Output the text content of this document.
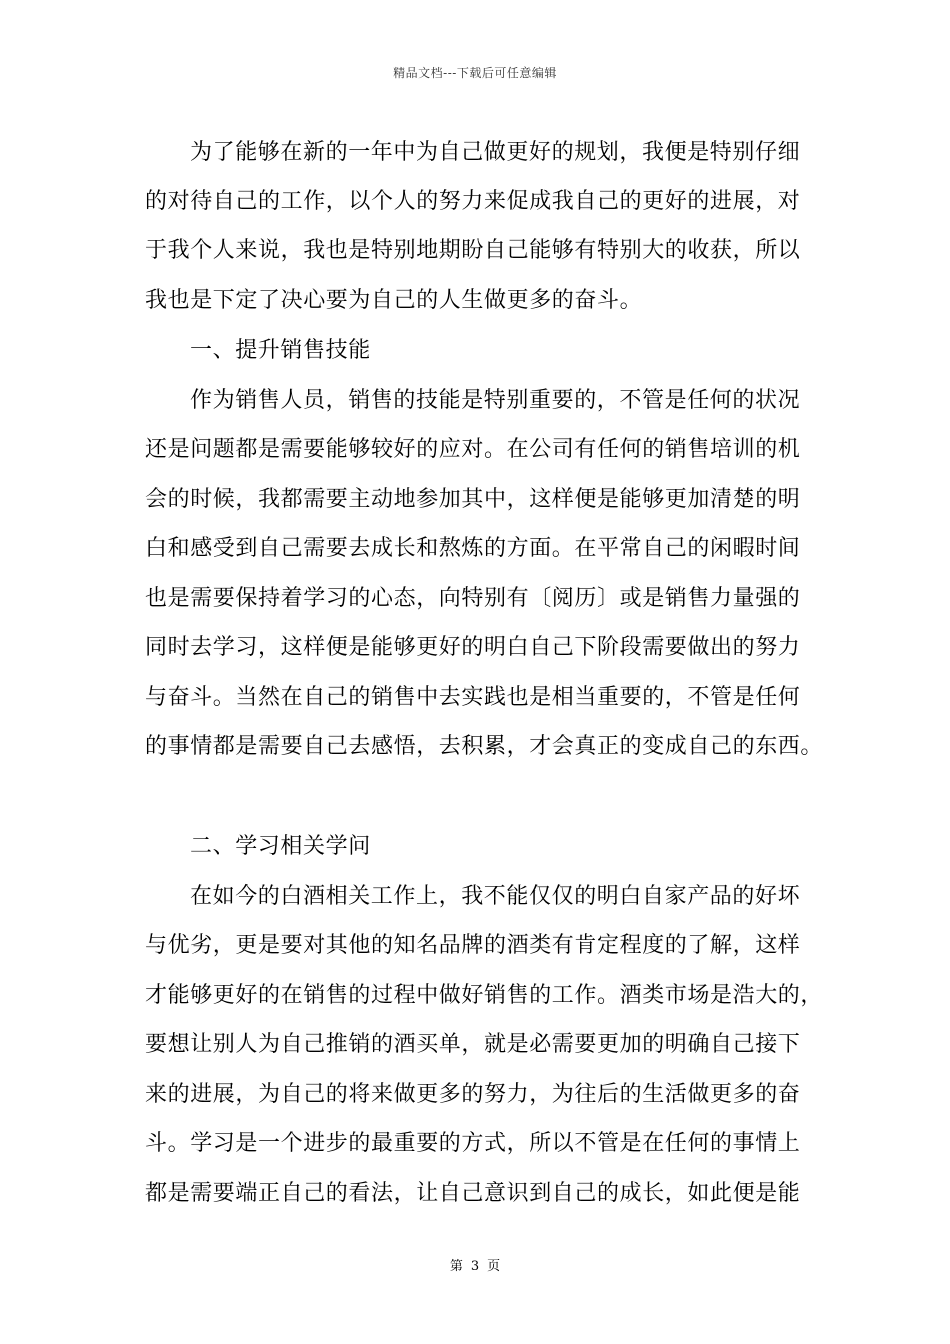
精品文档---下载后可任意编辑
为了能够在新的一年中为自己做更好的规划，我便是特别仔细
的对待自己的工作，以个人的努力来促成我自己的更好的进展，对
于我个人来说，我也是特别地期盼自己能够有特别大的收获，所以
我也是下定了决心要为自己的人生做更多的奋斗。
一、提升销售技能
作为销售人员，销售的技能是特别重要的，不管是任何的状况
还是问题都是需要能够较好的应对。在公司有任何的销售培训的机
会的时候，我都需要主动地参加其中，这样便是能够更加清楚的明
白和感受到自己需要去成长和熬炼的方面。在平常自己的闲暇时间
也是需要保持着学习的心态，向特别有〔阅历〕或是销售力量强的
同时去学习，这样便是能够更好的明白自己下阶段需要做出的努力
与奋斗。当然在自己的销售中去实践也是相当重要的，不管是任何
的事情都是需要自己去感悟，去积累，才会真正的变成自己的东西。
二、学习相关学问
在如今的白酒相关工作上，我不能仅仅的明白自家产品的好坏
与优劣，更是要对其他的知名品牌的酒类有肯定程度的了解，这样
才能够更好的在销售的过程中做好销售的工作。酒类市场是浩大的，
要想让别人为自己推销的酒买单，就是必需要更加的明确自己接下
来的进展，为自己的将来做更多的努力，为往后的生活做更多的奋
斗。学习是一个进步的最重要的方式，所以不管是在任何的事情上
都是需要端正自己的看法，让自己意识到自己的成长，如此便是能
第 3 页
